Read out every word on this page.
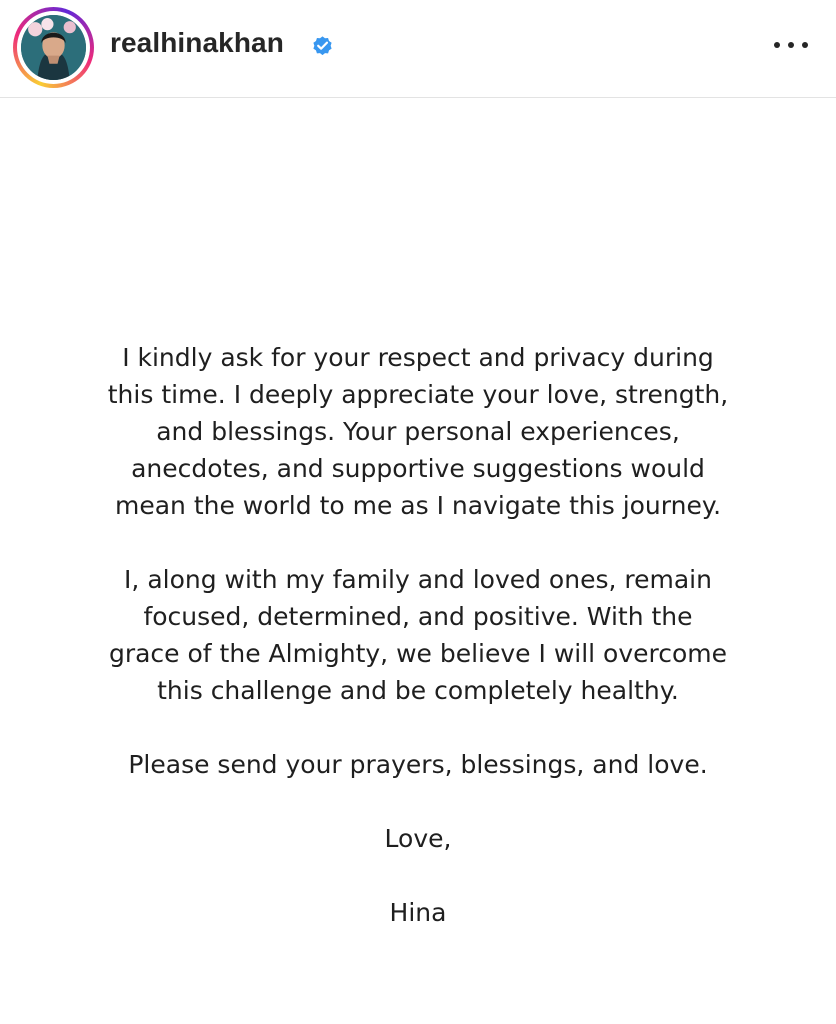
realhinakhan
I kindly ask for your respect and privacy during
this time. I deeply appreciate your love, strength,
and blessings. Your personal experiences,
anecdotes, and supportive suggestions would
mean the world to me as I navigate this journey.
I, along with my family and loved ones, remain
focused, determined, and positive. With the
grace of the Almighty, we believe I will overcome
this challenge and be completely healthy.
Please send your prayers, blessings, and love.
Love,
Hina
